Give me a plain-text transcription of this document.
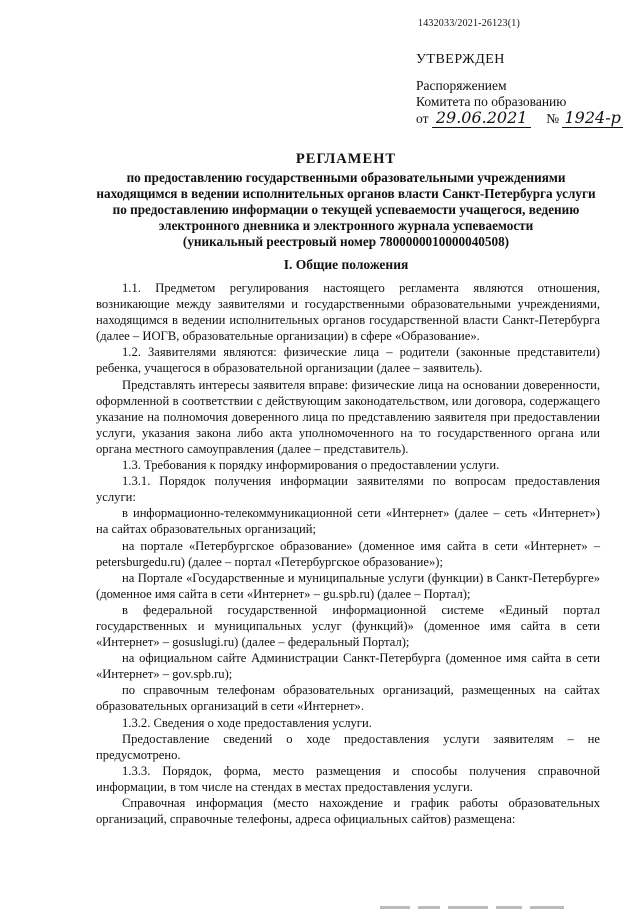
1432033/2021-26123(1)
УТВЕРЖДЕН
Распоряжением
Комитета по образованию
от 29.06.2021 № 1924-р
РЕГЛАМЕНТ
по предоставлению государственными образовательными учреждениями
находящимся в ведении исполнительных органов власти Санкт-Петербурга услуги
по предоставлению информации о текущей успеваемости учащегося, ведению
электронного дневника и электронного журнала успеваемости
(уникальный реестровый номер 7800000010000040508)
I. Общие положения

1.1. Предметом регулирования настоящего регламента являются отношения, возникающие между заявителями и государственными образовательными учреждениями, находящимся в ведении исполнительных органов государственной власти Санкт-Петербурга (далее – ИОГВ, образовательные организации) в сфере «Образование».

1.2. Заявителями являются: физические лица – родители (законные представители) ребенка, учащегося в образовательной организации (далее – заявитель).

Представлять интересы заявителя вправе: физические лица на основании доверенности, оформленной в соответствии с действующим законодательством, или договора, содержащего указание на полномочия доверенного лица по представлению заявителя при предоставлении услуги, указания закона либо акта уполномоченного на то государственного органа или органа местного самоуправления (далее – представитель).

1.3. Требования к порядку информирования о предоставлении услуги.

1.3.1. Порядок получения информации заявителями по вопросам предоставления услуги:

в информационно-телекоммуникационной сети «Интернет» (далее – сеть «Интернет») на сайтах образовательных организаций;

на портале «Петербургское образование» (доменное имя сайта в сети «Интернет» – petersburgedu.ru) (далее – портал «Петербургское образование»);

на Портале «Государственные и муниципальные услуги (функции) в Санкт-Петербурге» (доменное имя сайта в сети «Интернет» – gu.spb.ru) (далее – Портал);

в федеральной государственной информационной системе «Единый портал государственных и муниципальных услуг (функций)» (доменное имя сайта в сети «Интернет» – gosuslugi.ru) (далее – федеральный Портал);

на официальном сайте Администрации Санкт-Петербурга (доменное имя сайта в сети «Интернет» – gov.spb.ru);

по справочным телефонам образовательных организаций, размещенных на сайтах образовательных организаций в сети «Интернет».

1.3.2. Сведения о ходе предоставления услуги.

Предоставление сведений о ходе предоставления услуги заявителям – не предусмотрено.

1.3.3. Порядок, форма, место размещения и способы получения справочной информации, в том числе на стендах в местах предоставления услуги.

Справочная информация (место нахождение и график работы образовательных организаций, справочные телефоны, адреса официальных сайтов) размещена:
